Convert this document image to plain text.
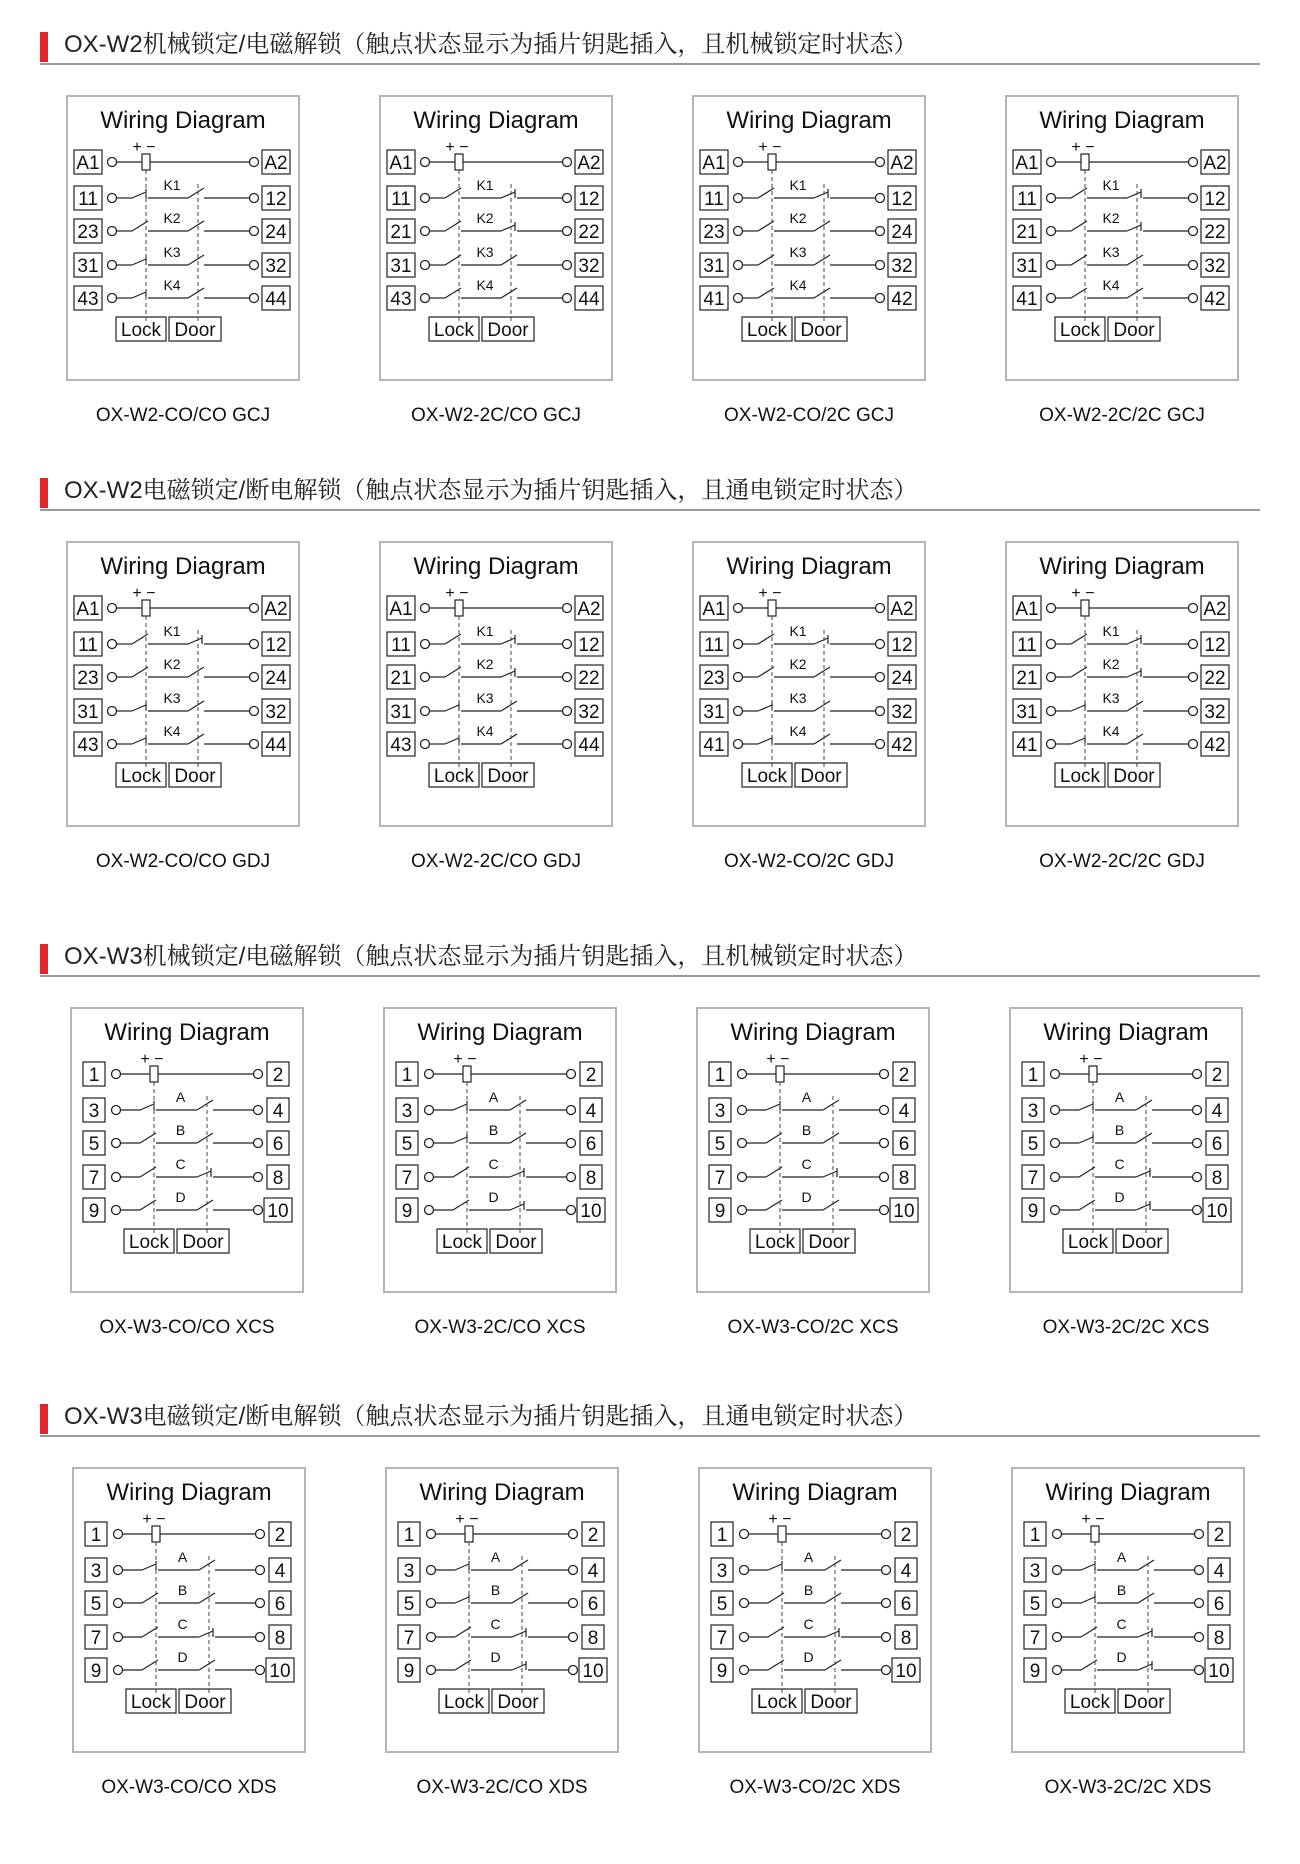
OX-W2机械锁定/电磁解锁（触点状态显示为插片钥匙插入，且机械锁定时状态）
Wiring Diagram
A1	A2
+ −
11	12
K1
23	24
K2
31	32
K3
43	44
K4
Lock Door
OX-W2-CO/CO GCJ
Wiring Diagram
A1	A2
+ −
11	12
K1
21	22
K2
31	32
K3
43	44
K4
Lock Door
OX-W2-2C/CO GCJ
Wiring Diagram
A1	A2
+ −
11	12
K1
23	24
K2
31	32
K3
41	42
K4
Lock Door
OX-W2-CO/2C GCJ
Wiring Diagram
A1	A2
+ −
11	12
K1
21	22
K2
31	32
K3
41	42
K4
Lock Door
OX-W2-2C/2C GCJ
OX-W2电磁锁定/断电解锁（触点状态显示为插片钥匙插入，且通电锁定时状态）
Wiring Diagram
A1	A2
+ −
11	12
K1
23	24
K2
31	32
K3
43	44
K4
Lock Door
OX-W2-CO/CO GDJ
Wiring Diagram
A1	A2
+ −
11	12
K1
21	22
K2
31	32
K3
43	44
K4
Lock Door
OX-W2-2C/CO GDJ
Wiring Diagram
A1	A2
+ −
11	12
K1
23	24
K2
31	32
K3
41	42
K4
Lock Door
OX-W2-CO/2C GDJ
Wiring Diagram
A1	A2
+ −
11	12
K1
21	22
K2
31	32
K3
41	42
K4
Lock Door
OX-W2-2C/2C GDJ
OX-W3机械锁定/电磁解锁（触点状态显示为插片钥匙插入，且机械锁定时状态）
Wiring Diagram
1	2
+ −
3	4
A
5	6
B
7	8
C
9	10
D
Lock Door
OX-W3-CO/CO XCS
Wiring Diagram
1	2
+ −
3	4
A
5	6
B
7	8
C
9	10
D
Lock Door
OX-W3-2C/CO XCS
Wiring Diagram
1	2
+ −
3	4
A
5	6
B
7	8
C
9	10
D
Lock Door
OX-W3-CO/2C XCS
Wiring Diagram
1	2
+ −
3	4
A
5	6
B
7	8
C
9	10
D
Lock Door
OX-W3-2C/2C XCS
OX-W3电磁锁定/断电解锁（触点状态显示为插片钥匙插入，且通电锁定时状态）
Wiring Diagram
1	2
+ −
3	4
A
5	6
B
7	8
C
9	10
D
Lock Door
OX-W3-CO/CO XDS
Wiring Diagram
1	2
+ −
3	4
A
5	6
B
7	8
C
9	10
D
Lock Door
OX-W3-2C/CO XDS
Wiring Diagram
1	2
+ −
3	4
A
5	6
B
7	8
C
9	10
D
Lock Door
OX-W3-CO/2C XDS
Wiring Diagram
1	2
+ −
3	4
A
5	6
B
7	8
C
9	10
D
Lock Door
OX-W3-2C/2C XDS
